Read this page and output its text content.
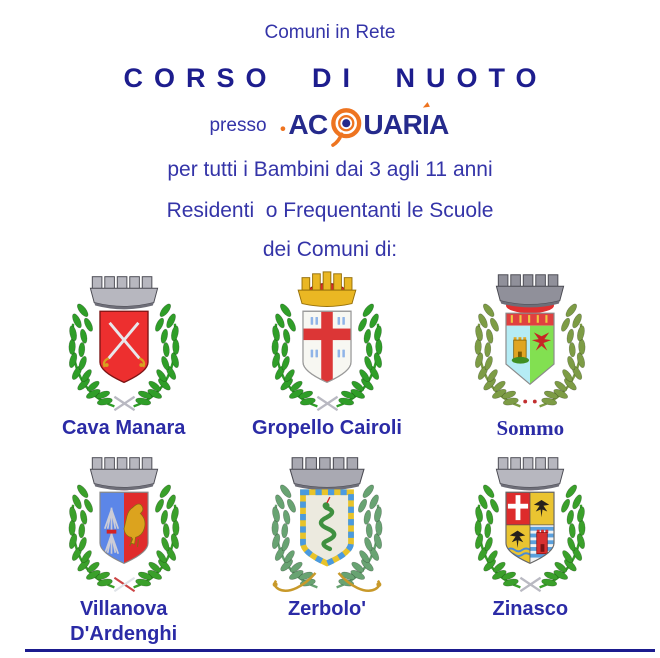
Comuni in Rete
CORSO DI NUOTO
presso AC UARIA
per tutti i Bambini dai 3 agli 11 anni
Residenti  o Frequentanti le Scuole
dei Comuni di:
Cava Manara	Gropello Cairoli	Sommo
Villanova
D'Ardenghi
Zerbolo'	Zinasco
